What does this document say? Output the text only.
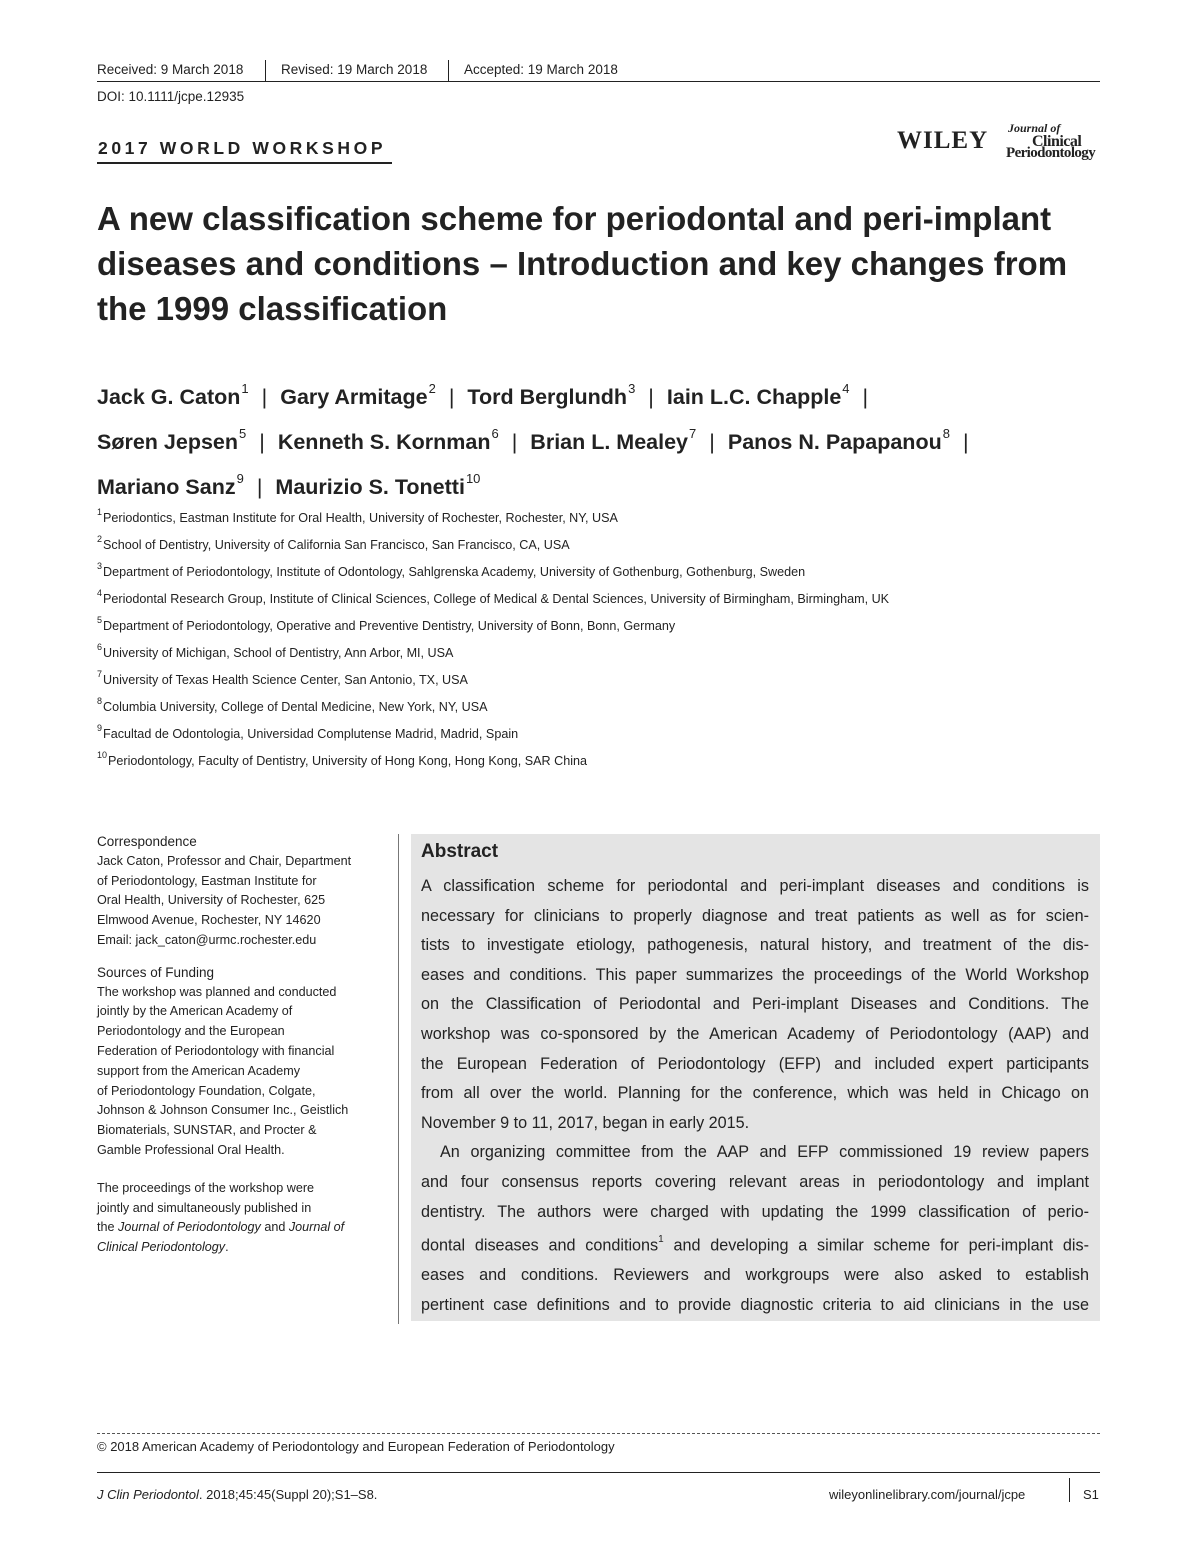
Received: 9 March 2018	Revised: 19 March 2018	Accepted: 19 March 2018
DOI: 10.1111/jcpe.12935
2017 WORLD WORKSHOP	WILEY Journal of
Clinical
Periodontology
A new classification scheme for periodontal and peri-implant
diseases and conditions – Introduction and key changes from
the 1999 classification
Jack G. Caton$^1$ | Gary Armitage$^2$ | Tord Berglundh$^3$ | Iain L.C. Chapple$^4$ |
Søren Jepsen$^5$ | Kenneth S. Kornman$^6$ | Brian L. Mealey$^7$ | Panos N. Papapanou$^8$ |
Mariano Sanz$^9$ | Maurizio S. Tonetti$^{10}$
$^1$Periodontics, Eastman Institute for Oral Health, University of Rochester, Rochester, NY, USA
$^2$School of Dentistry, University of California San Francisco, San Francisco, CA, USA
$^3$Department of Periodontology, Institute of Odontology, Sahlgrenska Academy, University of Gothenburg, Gothenburg, Sweden
$^4$Periodontal Research Group, Institute of Clinical Sciences, College of Medical & Dental Sciences, University of Birmingham, Birmingham, UK
$^5$Department of Periodontology, Operative and Preventive Dentistry, University of Bonn, Bonn, Germany
$^6$University of Michigan, School of Dentistry, Ann Arbor, MI, USA
$^7$University of Texas Health Science Center, San Antonio, TX, USA
$^8$Columbia University, College of Dental Medicine, New York, NY, USA
$^9$Facultad de Odontologia, Universidad Complutense Madrid, Madrid, Spain
$^{10}$Periodontology, Faculty of Dentistry, University of Hong Kong, Hong Kong, SAR China

Correspondence

Jack Caton, Professor and Chair, Department

of Periodontology, Eastman Institute for

Oral Health, University of Rochester, 625

Elmwood Avenue, Rochester, NY 14620

Email: jack_caton@urmc.rochester.edu

Sources of Funding

The workshop was planned and conducted

jointly by the American Academy of

Periodontology and the European

Federation of Periodontology with financial

support from the American Academy

of Periodontology Foundation, Colgate,

Johnson & Johnson Consumer Inc., Geistlich

Biomaterials, SUNSTAR, and Procter &

Gamble Professional Oral Health.

The proceedings of the workshop were

jointly and simultaneously published in

the Journal of Periodontology and Journal of

Clinical Periodontology.

Abstract
A classification scheme for periodontal and peri-implant diseases and conditions is
necessary for clinicians to properly diagnose and treat patients as well as for scien-
tists to investigate etiology, pathogenesis, natural history, and treatment of the dis-
eases and conditions. This paper summarizes the proceedings of the World Workshop
on the Classification of Periodontal and Peri-implant Diseases and Conditions. The
workshop was co-sponsored by the American Academy of Periodontology (AAP) and
the European Federation of Periodontology (EFP) and included expert participants
from all over the world. Planning for the conference, which was held in Chicago on
November 9 to 11, 2017, began in early 2015.
An organizing committee from the AAP and EFP commissioned 19 review papers
and four consensus reports covering relevant areas in periodontology and implant
dentistry. The authors were charged with updating the 1999 classification of perio-
dontal diseases and conditions$^1$ and developing a similar scheme for peri-implant dis-
eases and conditions. Reviewers and workgroups were also asked to establish
pertinent case definitions and to provide diagnostic criteria to aid clinicians in the use
© 2018 American Academy of Periodontology and European Federation of Periodontology
J Clin Periodontol. 2018;45:45(Suppl 20);S1–S8.	wileyonlinelibrary.com/journal/jcpe	S1
